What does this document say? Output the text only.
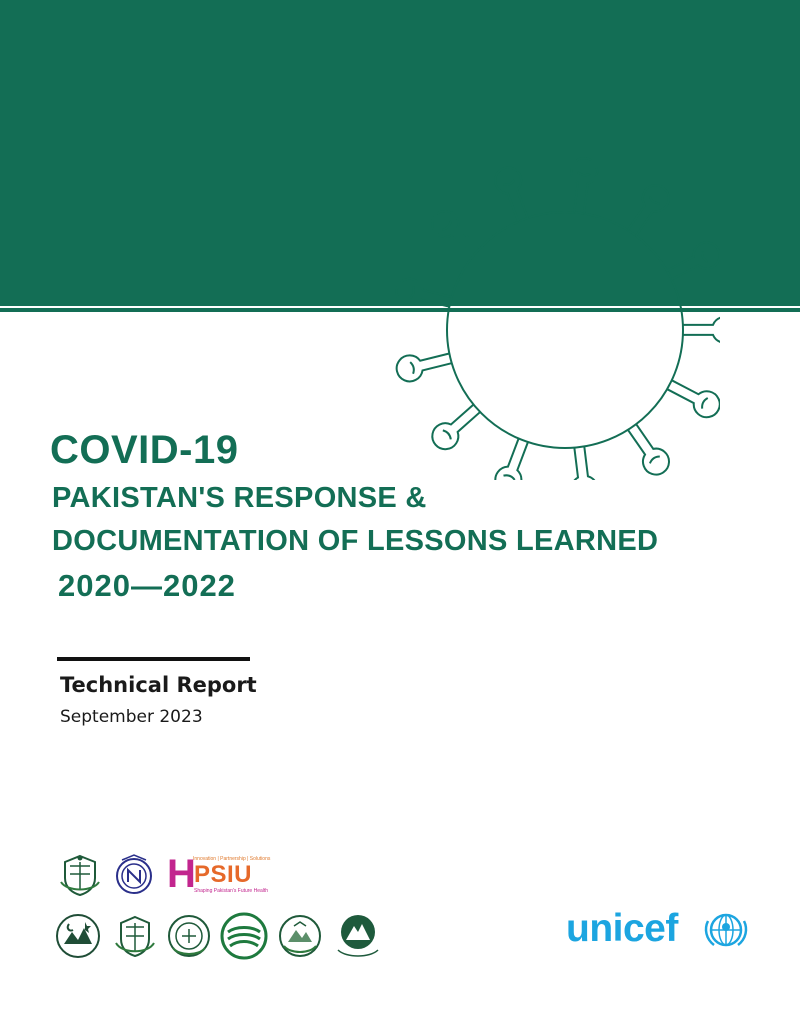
COVID-19
PAKISTAN'S RESPONSE &
DOCUMENTATION OF LESSONS LEARNED
2020—2022
Technical Report
September 2023
H
Innovation | Partnership | Solutions
PSIU
Shaping Pakistan's Future Health
unicef
